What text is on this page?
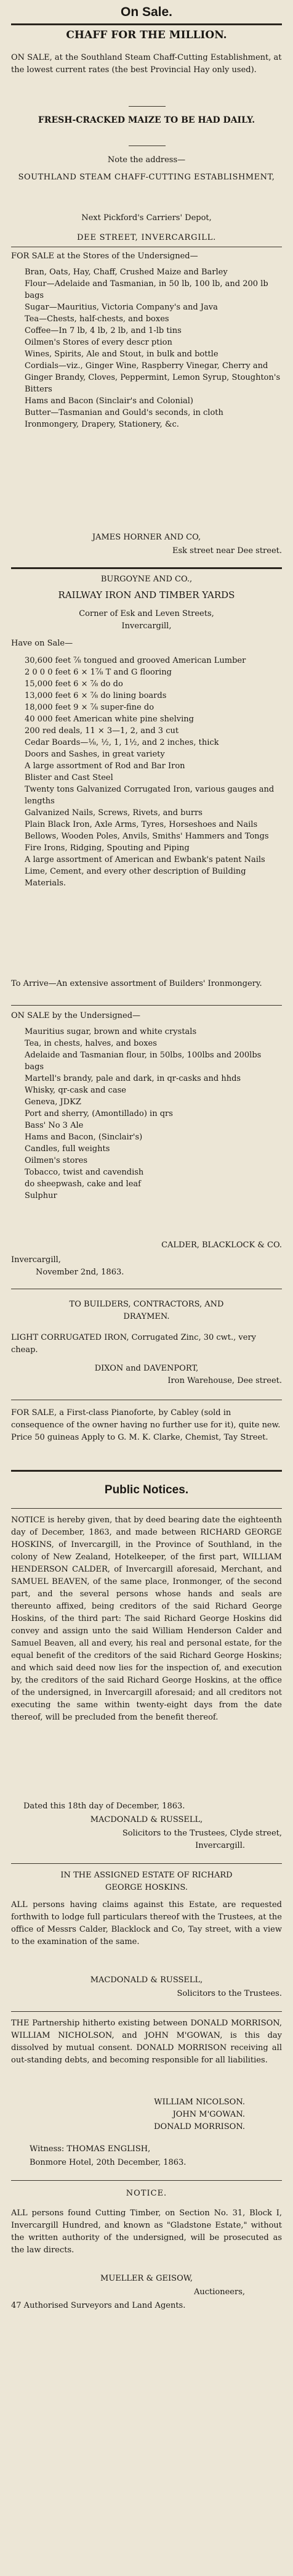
On Sale.
CHAFF FOR THE MILLION.
ON SALE, at the Southland Steam Chaff-Cutting Establishment, at the lowest current rates (the best Provincial Hay only used).
FRESH-CRACKED MAIZE TO BE HAD DAILY.
Note the address—
SOUTHLAND STEAM CHAFF-CUTTING ESTABLISHMENT,
Next Pickford's Carriers' Depot,
DEE STREET, INVERCARGILL.
FOR SALE at the Stores of the Undersigned—
Bran, Oats, Hay, Chaff, Crushed Maize and Barley
Flour—Adelaide and Tasmanian, in 50 lb, 100 lb, and 200 lb bags
Sugar—Mauritius, Victoria Company's and Java
Tea—Chests, half-chests, and boxes
Coffee—In 7 lb, 4 lb, 2 lb, and 1-lb tins
Oilmen's Stores of every descr ption
Wines, Spirits, Ale and Stout, in bulk and bottle
Cordials—viz., Ginger Wine, Raspberry Vinegar, Cherry and Ginger Brandy, Cloves, Peppermint, Lemon Syrup, Stoughton's Bitters
Hams and Bacon (Sinclair's and Colonial)
Butter—Tasmanian and Gould's seconds, in cloth
Ironmongery, Drapery, Stationery, &c.
JAMES HORNER AND CO,
Esk street near Dee street.
BURGOYNE AND CO.,
RAILWAY IRON AND TIMBER YARDS
Corner of Esk and Leven Streets,
Invercargill,
Have on Sale—
30,600 feet ⅞ tongued and grooved American Lumber
2 0 0 0 feet 6 × 1⅞ T and G flooring
15,000 feet 6 × ⅞ do do
13,000 feet 6 × ⅞ do lining boards
18,000 feet 9 × ⅞ super-fine do
40 000 feet American white pine shelving
200 red deals, 11 × 3—1, 2, and 3 cut
Cedar Boards—⅛, ½, 1, 1½, and 2 inches, thick
Doors and Sashes, in great variety
A large assortment of Rod and Bar Iron
Blister and Cast Steel
Twenty tons Galvanized Corrugated Iron, various gauges and lengths
Galvanized Nails, Screws, Rivets, and burrs
Plain Black Iron, Axle Arms, Tyres, Horseshoes and Nails
Bellows, Wooden Poles, Anvils, Smiths' Hammers and Tongs
Fire Irons, Ridging, Spouting and Piping
A large assortment of American and Ewbank's patent Nails
Lime, Cement, and every other description of Building Materials.
To Arrive—An extensive assortment of Builders' Ironmongery.
ON SALE by the Undersigned—
Mauritius sugar, brown and white crystals
Tea, in chests, halves, and boxes
Adelaide and Tasmanian flour, in 50lbs, 100lbs and 200lbs bags
Martell's brandy, pale and dark, in qr-casks and hhds
Whisky, qr-cask and case
Geneva, JDKZ
Port and sherry, (Amontillado) in qrs
Bass' No 3 Ale
Hams and Bacon, (Sinclair's)
Candles, full weights
Oilmen's stores
Tobacco, twist and cavendish
do sheepwash, cake and leaf
Sulphur
CALDER, BLACKLOCK & CO.
Invercargill,
November 2nd, 1863.
TO BUILDERS, CONTRACTORS, AND
DRAYMEN.
LIGHT CORRUGATED IRON, Corrugated Zinc, 30 cwt., very cheap.
DIXON and DAVENPORT,
Iron Warehouse, Dee street.
FOR SALE, a First-class Pianoforte, by Cabley (sold in consequence of the owner having no further use for it), quite new. Price 50 guineas Apply to G. M. K. Clarke, Chemist, Tay Street.
Public Notices.
NOTICE is hereby given, that by deed bearing date the eighteenth day of December, 1863, and made between RICHARD GEORGE HOSKINS, of Invercargill, in the Province of Southland, in the colony of New Zealand, Hotelkeeper, of the first part, WILLIAM HENDERSON CALDER, of Invercargill aforesaid, Merchant, and SAMUEL BEAVEN, of the same place, Ironmonger, of the second part, and the several persons whose hands and seals are thereunto affixed, being creditors of the said Richard George Hoskins, of the third part: The said Richard George Hoskins did convey and assign unto the said William Henderson Calder and Samuel Beaven, all and every, his real and personal estate, for the equal benefit of the creditors of the said Richard George Hoskins; and which said deed now lies for the inspection of, and execution by, the creditors of the said Richard George Hoskins, at the office of the undersigned, in Invercargill aforesaid; and all creditors not executing the same within twenty-eight days from the date thereof, will be precluded from the benefit thereof.
Dated this 18th day of December, 1863.
MACDONALD & RUSSELL,
Solicitors to the Trustees, Clyde street,
Invercargill.
IN THE ASSIGNED ESTATE OF RICHARD
GEORGE HOSKINS.
ALL persons having claims against this Estate, are requested forthwith to lodge full particulars thereof with the Trustees, at the office of Messrs Calder, Blacklock and Co, Tay street, with a view to the examination of the same.
MACDONALD & RUSSELL,
Solicitors to the Trustees.
THE Partnership hitherto existing between DONALD MORRISON, WILLIAM NICHOLSON, and JOHN M'GOWAN, is this day dissolved by mutual consent. DONALD MORRISON receiving all out-standing debts, and becoming responsible for all liabilities.
WILLIAM NICOLSON.
JOHN M'GOWAN.
DONALD MORRISON.
Witness: THOMAS ENGLISH,
Bonmore Hotel, 20th December, 1863.
NOTICE.
ALL persons found Cutting Timber, on Section No. 31, Block I, Invercargill Hundred, and known as "Gladstone Estate," without the written authority of the undersigned, will be prosecuted as the law directs.
MUELLER & GEISOW,
Auctioneers,
47 Authorised Surveyors and Land Agents.
